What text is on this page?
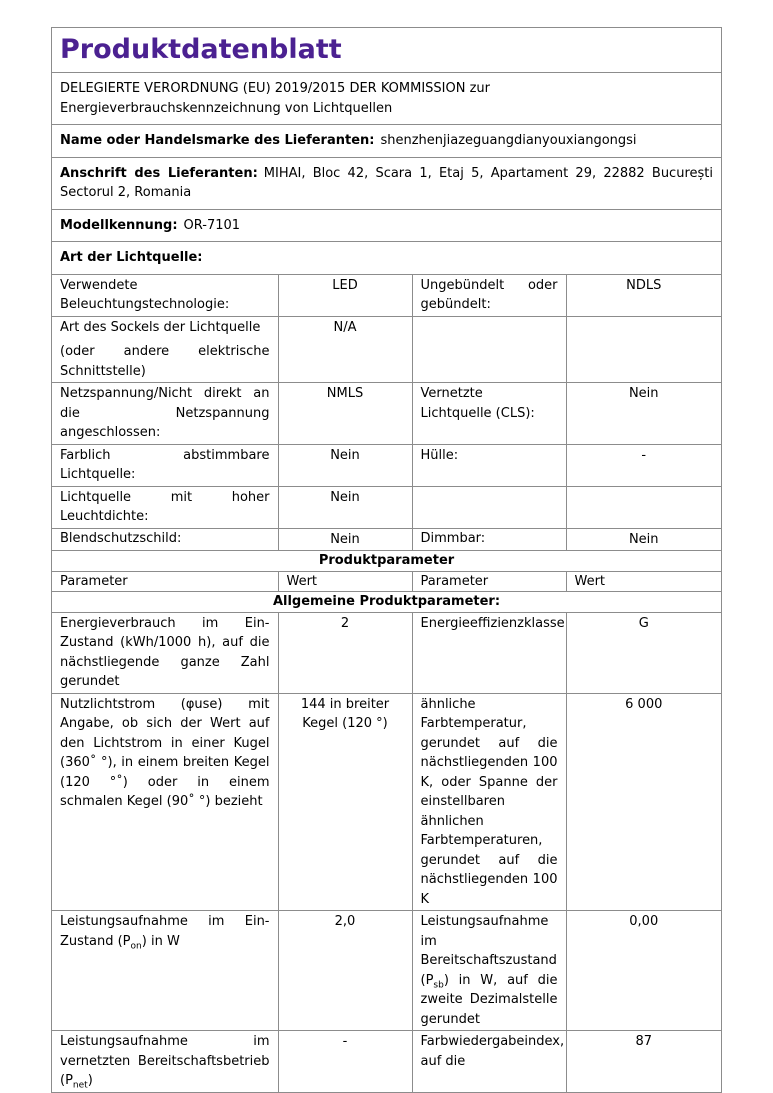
Produktdatenblatt
DELEGIERTE VERORDNUNG (EU) 2019/2015 DER KOMMISSION zur Energieverbrauchskennzeichnung von Lichtquellen
Name oder Handelsmarke des Lieferanten: shenzhenjiazeguangdianyouxiangongsi
Anschrift des Lieferanten: MIHAI, Bloc 42, Scara 1, Etaj 5, Apartament 29, 22882 București Sectorul 2, Romania
Modellkennung: OR-7101
Art der Lichtquelle:
Verwendete Beleuchtungstechnologie:	LED	Ungebündelt oder gebündelt:	NDLS
Art des Sockels der Lichtquelle
(oder andere elektrische Schnittstelle)	N/A		
Netzspannung/Nicht direkt an die Netzspannung angeschlossen:	NMLS	Vernetzte Lichtquelle (CLS):	Nein
Farblich abstimmbare Lichtquelle:	Nein	Hülle:	-
Lichtquelle mit hoher Leuchtdichte:	Nein		
Blendschutzschild:	Nein	Dimmbar:	Nein
Produktparameter			
Parameter	Wert	Parameter	Wert
Allgemeine Produktparameter:			
Energieverbrauch im Ein-Zustand (kWh/1000 h), auf die nächstliegende ganze Zahl gerundet	2	Energieeffizienzklasse	G
Nutzlichtstrom (φuse) mit Angabe, ob sich der Wert auf den Lichtstrom in einer Kugel (360˚ °), in einem breiten Kegel (120 °˚) oder in einem schmalen Kegel (90˚ °) bezieht	144 in breiter Kegel (120 °)	ähnliche Farbtemperatur, gerundet auf die nächstliegenden 100 K, oder Spanne der einstellbaren ähnlichen Farbtemperaturen, gerundet auf die nächstliegenden 100 K	6 000
Leistungsaufnahme im Ein-Zustand $(P_{on})$ in W	2,0	Leistungsaufnahme im Bereitschaftszustand $(P_{sb})$ in W, auf die zweite Dezimalstelle gerundet	0,00
Leistungsaufnahme im vernetzten Bereitschaftsbetrieb $(P_{net})$	-	Farbwiedergabeindex, auf die	87
